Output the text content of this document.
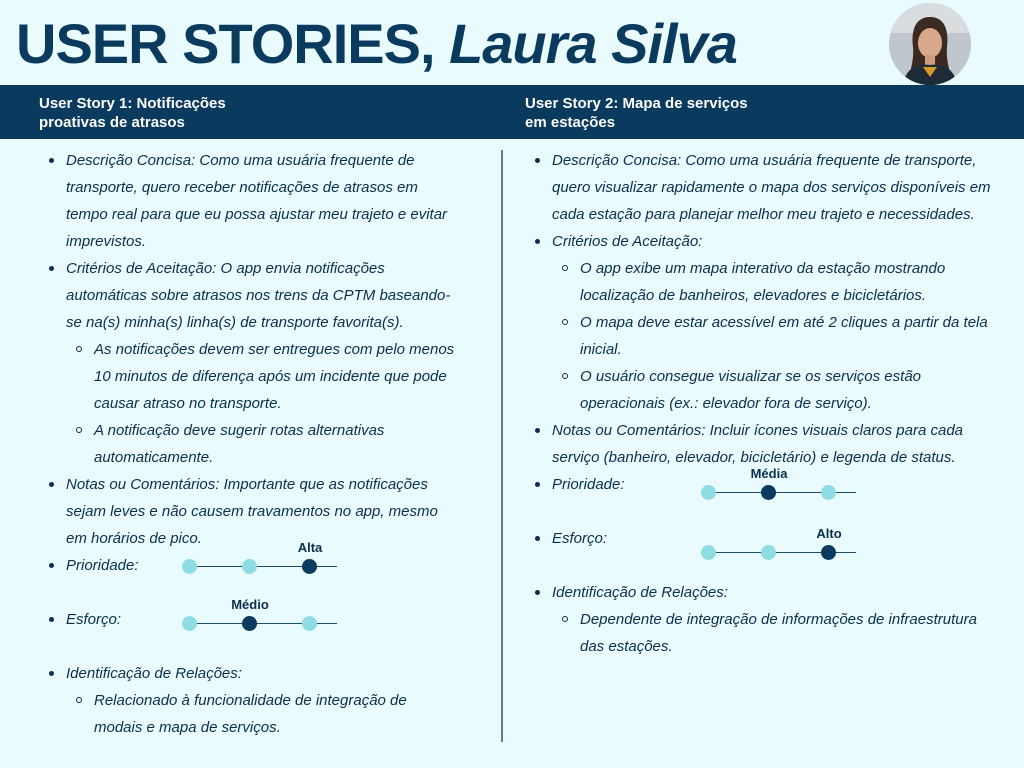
USER STORIES, Laura Silva
User Story 1: Notificações proativas de atrasos
User Story 2: Mapa de serviços em estações
Descrição Concisa: Como uma usuária frequente de transporte, quero receber notificações de atrasos em tempo real para que eu possa ajustar meu trajeto e evitar imprevistos.
Critérios de Aceitação: O app envia notificações automáticas sobre atrasos nos trens da CPTM baseando-se na(s) minha(s) linha(s) de transporte favorita(s).
As notificações devem ser entregues com pelo menos 10 minutos de diferença após um incidente que pode causar atraso no transporte.
A notificação deve sugerir rotas alternativas automaticamente.
Notas ou Comentários: Importante que as notificações sejam leves e não causem travamentos no app, mesmo em horários de pico.
Prioridade:
Alta
Esforço:
Médio
Identificação de Relações:
Relacionado à funcionalidade de integração de modais e mapa de serviços.
Descrição Concisa: Como uma usuária frequente de transporte, quero visualizar rapidamente o mapa dos serviços disponíveis em cada estação para planejar melhor meu trajeto e necessidades.
Critérios de Aceitação:
O app exibe um mapa interativo da estação mostrando localização de banheiros, elevadores e bicicletários.
O mapa deve estar acessível em até 2 cliques a partir da tela inicial.
O usuário consegue visualizar se os serviços estão operacionais (ex.: elevador fora de serviço).
Notas ou Comentários: Incluir ícones visuais claros para cada serviço (banheiro, elevador, bicicletário) e legenda de status.
Prioridade:
Média
Esforço:	Alto
Identificação de Relações:
Dependente de integração de informações de infraestrutura das estações.
